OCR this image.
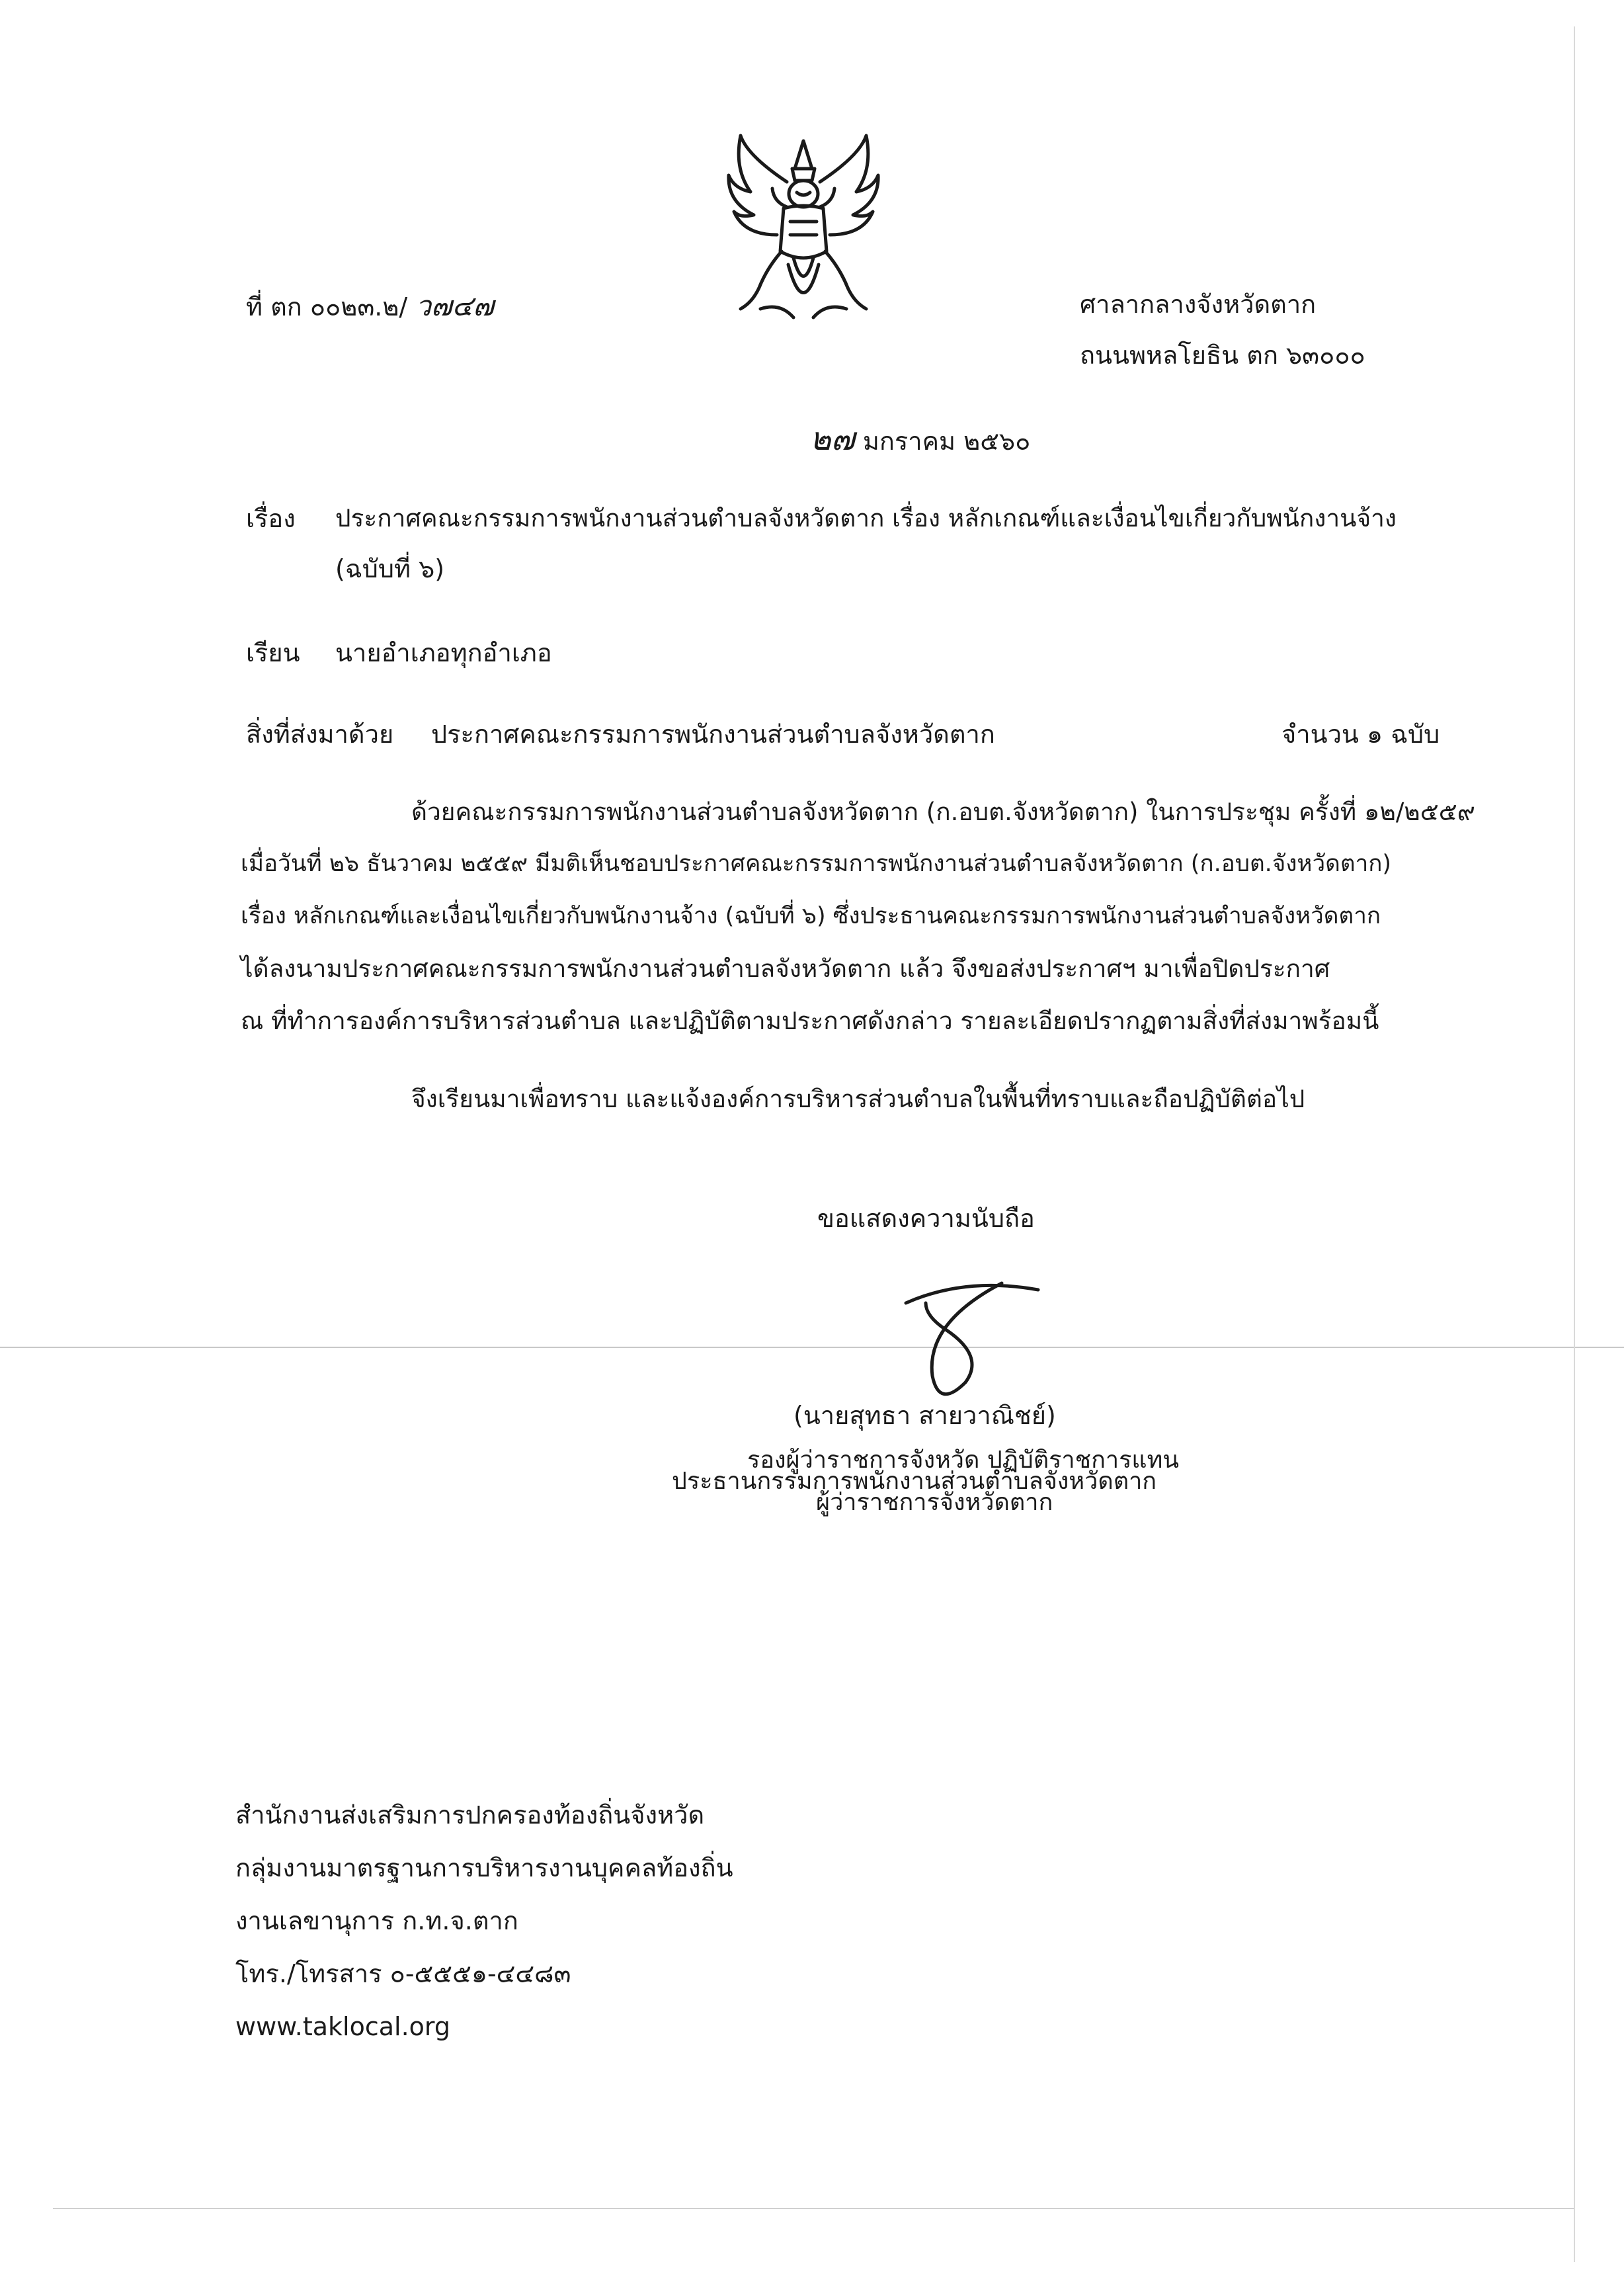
ที่ ตก ๐๐๒๓.๒/ ว๗๔๗	ศาลากลางจังหวัดตาก
ถนนพหลโยธิน ตก ๖๓๐๐๐
๒๗ มกราคม ๒๕๖๐
เรื่อง ประกาศคณะกรรมการพนักงานส่วนตำบลจังหวัดตาก เรื่อง หลักเกณฑ์และเงื่อนไขเกี่ยวกับพนักงานจ้าง
(ฉบับที่ ๖)
เรียน นายอำเภอทุกอำเภอ
สิ่งที่ส่งมาด้วย ประกาศคณะกรรมการพนักงานส่วนตำบลจังหวัดตาก	จำนวน ๑ ฉบับ
ด้วยคณะกรรมการพนักงานส่วนตำบลจังหวัดตาก (ก.อบต.จังหวัดตาก) ในการประชุม ครั้งที่ ๑๒/๒๕๕๙
เมื่อวันที่ ๒๖ ธันวาคม ๒๕๕๙ มีมติเห็นชอบประกาศคณะกรรมการพนักงานส่วนตำบลจังหวัดตาก (ก.อบต.จังหวัดตาก)
เรื่อง หลักเกณฑ์และเงื่อนไขเกี่ยวกับพนักงานจ้าง (ฉบับที่ ๖) ซึ่งประธานคณะกรรมการพนักงานส่วนตำบลจังหวัดตาก
ได้ลงนามประกาศคณะกรรมการพนักงานส่วนตำบลจังหวัดตาก แล้ว จึงขอส่งประกาศฯ มาเพื่อปิดประกาศ
ณ ที่ทำการองค์การบริหารส่วนตำบล และปฏิบัติตามประกาศดังกล่าว รายละเอียดปรากฏตามสิ่งที่ส่งมาพร้อมนี้
จึงเรียนมาเพื่อทราบ และแจ้งองค์การบริหารส่วนตำบลในพื้นที่ทราบและถือปฏิบัติต่อไป
ขอแสดงความนับถือ
(นายสุทธา สายวาณิชย์)
รองผู้ว่าราชการจังหวัด ปฏิบัติราชการแทน
ประธานกรรมการพนักงานส่วนตำบลจังหวัดตาก
ผู้ว่าราชการจังหวัดตาก
สำนักงานส่งเสริมการปกครองท้องถิ่นจังหวัด
กลุ่มงานมาตรฐานการบริหารงานบุคคลท้องถิ่น
งานเลขานุการ ก.ท.จ.ตาก
โทร./โทรสาร ๐-๕๕๕๑-๔๔๘๓
www.taklocal.org
